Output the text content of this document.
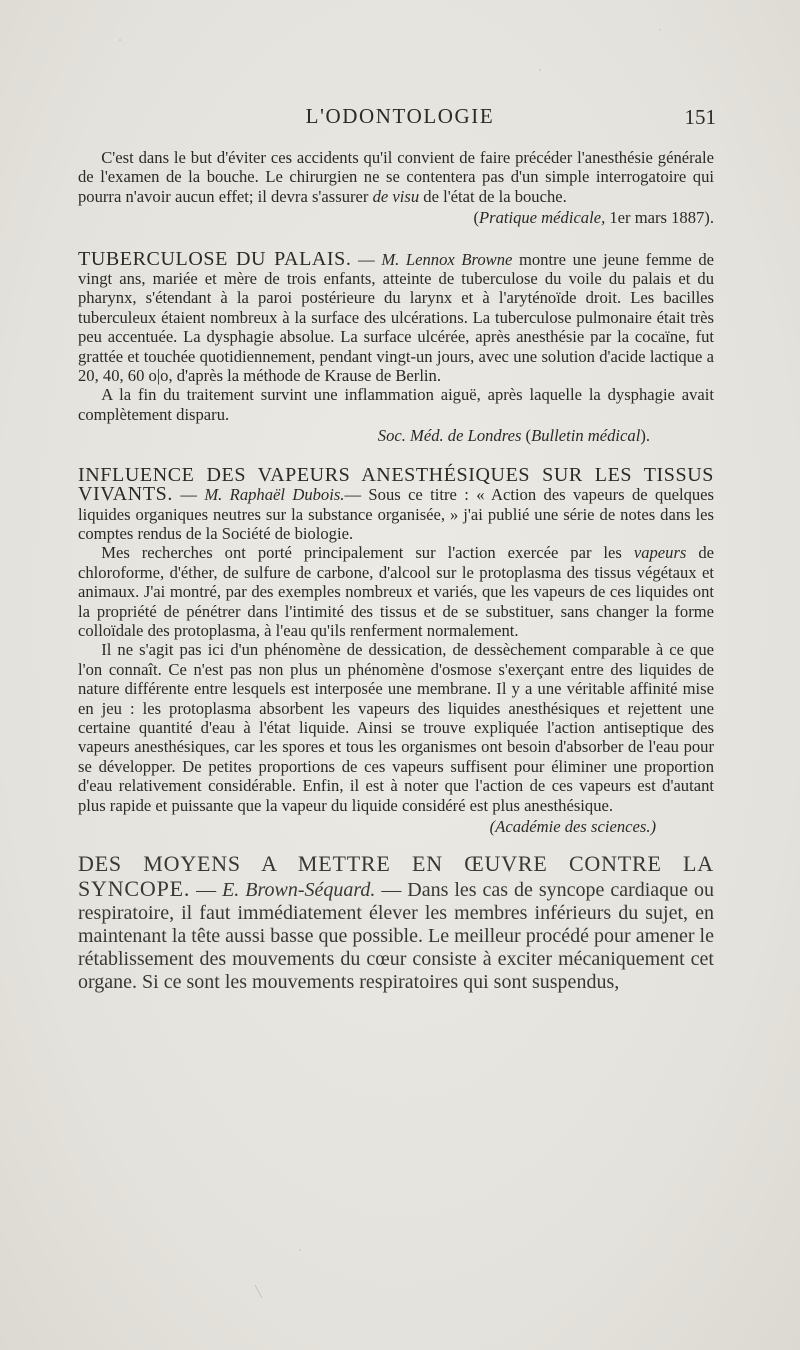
L'ODONTOLOGIE	151

C'est dans le but d'éviter ces accidents qu'il convient de faire précéder l'anesthésie générale de l'examen de la bouche. Le chirurgien ne se contentera pas d'un simple interrogatoire qui pourra n'avoir aucun effet; il devra s'assurer de visu de l'état de la bouche.

(Pratique médicale, 1er mars 1887).

TUBERCULOSE DU PALAIS. — M. Lennox Browne montre une jeune femme de vingt ans, mariée et mère de trois enfants, atteinte de tuberculose du voile du palais et du pharynx, s'étendant à la paroi postérieure du larynx et à l'aryténoïde droit. Les bacilles tuberculeux étaient nombreux à la surface des ulcérations. La tuberculose pulmonaire était très peu accentuée. La dysphagie absolue. La surface ulcérée, après anesthésie par la cocaïne, fut grattée et touchée quotidiennement, pendant vingt-un jours, avec une solution d'acide lactique a 20, 40, 60 o|o, d'après la méthode de Krause de Berlin.

A la fin du traitement survint une inflammation aiguë, après laquelle la dysphagie avait complètement disparu.

Soc. Méd. de Londres (Bulletin médical).

INFLUENCE DES VAPEURS ANESTHÉSIQUES SUR LES TISSUS VIVANTS. — M. Raphaël Dubois.— Sous ce titre : « Action des vapeurs de quelques liquides organiques neutres sur la substance organisée, » j'ai publié une série de notes dans les comptes rendus de la Société de biologie.

Mes recherches ont porté principalement sur l'action exercée par les vapeurs de chloroforme, d'éther, de sulfure de carbone, d'alcool sur le protoplasma des tissus végétaux et animaux. J'ai montré, par des exemples nombreux et variés, que les vapeurs de ces liquides ont la propriété de pénétrer dans l'intimité des tissus et de se substituer, sans changer la forme colloïdale des protoplasma, à l'eau qu'ils renferment normalement.

Il ne s'agit pas ici d'un phénomène de dessication, de dessèchement comparable à ce que l'on connaît. Ce n'est pas non plus un phénomène d'osmose s'exerçant entre des liquides de nature différente entre lesquels est interposée une membrane. Il y a une véritable affinité mise en jeu : les protoplasma absorbent les vapeurs des liquides anesthésiques et rejettent une certaine quantité d'eau à l'état liquide. Ainsi se trouve expliquée l'action antiseptique des vapeurs anesthésiques, car les spores et tous les organismes ont besoin d'absorber de l'eau pour se développer. De petites proportions de ces vapeurs suffisent pour éliminer une proportion d'eau relativement considérable. Enfin, il est à noter que l'action de ces vapeurs est d'autant plus rapide et puissante que la vapeur du liquide considéré est plus anesthésique.

(Académie des sciences.)

DES MOYENS A METTRE EN ŒUVRE CONTRE LA SYNCOPE. — E. Brown-Séquard. — Dans les cas de syncope cardiaque ou respiratoire, il faut immédiatement élever les membres inférieurs du sujet, en maintenant la tête aussi basse que possible. Le meilleur procédé pour amener le rétablissement des mouvements du cœur consiste à exciter mécaniquement cet organe. Si ce sont les mouvements respiratoires qui sont suspendus,
